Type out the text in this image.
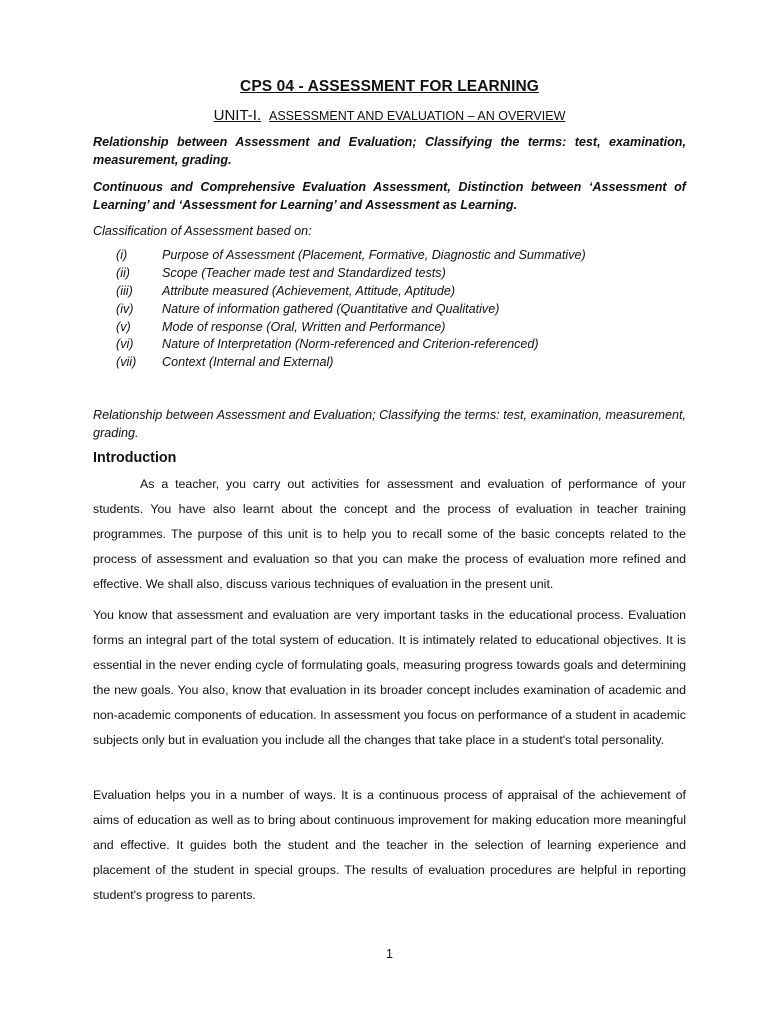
CPS 04 - ASSESSMENT FOR LEARNING
UNIT-I. ASSESSMENT AND EVALUATION – AN OVERVIEW
Relationship between Assessment and Evaluation; Classifying the terms: test, examination, measurement, grading.
Continuous and Comprehensive Evaluation Assessment, Distinction between ‘Assessment of Learning’ and ‘Assessment for Learning’ and Assessment as Learning.
Classification of Assessment based on:
(i)	Purpose of Assessment (Placement, Formative, Diagnostic and Summative)
(ii)	Scope (Teacher made test and Standardized tests)
(iii) Attribute measured (Achievement, Attitude, Aptitude)
(iv) Nature of information gathered (Quantitative and Qualitative)
(v) Mode of response (Oral, Written and Performance)
(vi) Nature of Interpretation (Norm-referenced and Criterion-referenced)
(vii) Context (Internal and External)
Relationship between Assessment and Evaluation; Classifying the terms: test, examination, measurement, grading.
Introduction
As a teacher, you carry out activities for assessment and evaluation of performance of your students. You have also learnt about the concept and the process of evaluation in teacher training programmes. The purpose of this unit is to help you to recall some of the basic concepts related to the process of assessment and evaluation so that you can make the process of evaluation more refined and effective. We shall also, discuss various techniques of evaluation in the present unit.
You know that assessment and evaluation are very important tasks in the educational process. Evaluation forms an integral part of the total system of education. It is intimately related to educational objectives. It is essential in the never ending cycle of formulating goals, measuring progress towards goals and determining the new goals. You also, know that evaluation in its broader concept includes examination of academic and non-academic components of education. In assessment you focus on performance of a student in academic subjects only but in evaluation you include all the changes that take place in a student's total personality.
Evaluation helps you in a number of ways. It is a continuous process of appraisal of the achievement of aims of education as well as to bring about continuous improvement for making education more meaningful and effective. It guides both the student and the teacher in the selection of learning experience and placement of the student in special groups. The results of evaluation procedures are helpful in reporting student's progress to parents.
1
